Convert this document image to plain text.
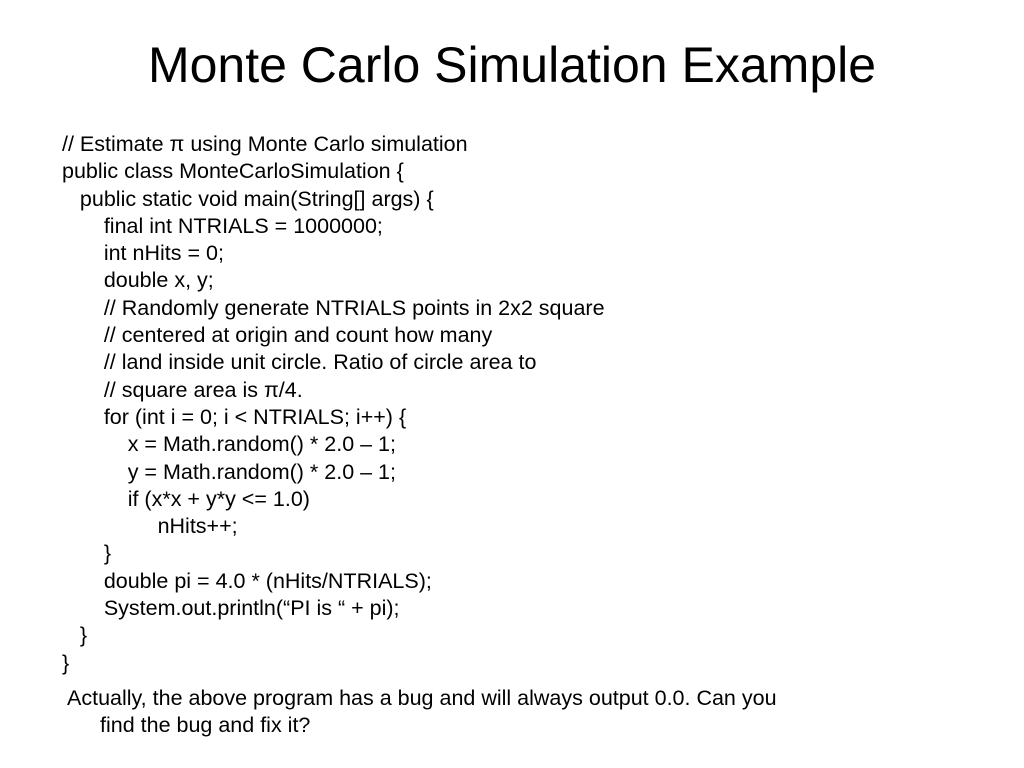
Monte Carlo Simulation Example
// Estimate π using Monte Carlo simulation
public class MonteCarloSimulation {
public static void main(String[] args) {
final int NTRIALS = 1000000;
int nHits = 0;
double x, y;
// Randomly generate NTRIALS points in 2x2 square
// centered at origin and count how many
// land inside unit circle. Ratio of circle area to
// square area is π/4.
for (int i = 0; i < NTRIALS; i++) {
x = Math.random() * 2.0 – 1;
y = Math.random() * 2.0 – 1;
if (x*x + y*y <= 1.0)
nHits++;
}
double pi = 4.0 * (nHits/NTRIALS);
System.out.println(“PI is “ + pi);
}
}
Actually, the above program has a bug and will always output 0.0. Can you
find the bug and fix it?
